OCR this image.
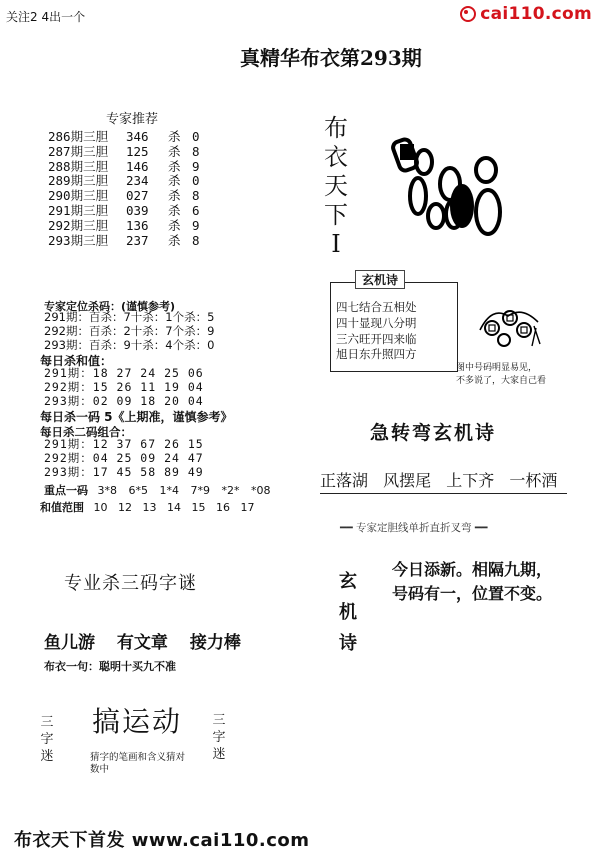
关注2 4出一个	cai110.com
真精华布衣第293期
专家推荐
286期三胆 346 杀 0
287期三胆 125 杀 8
288期三胆 146 杀 9
289期三胆 234 杀 0
290期三胆 027 杀 8
291期三胆 039 杀 6
292期三胆 136 杀 9
293期三胆 237 杀 8
专家定位杀码：(谨慎参考)
291期：百杀：7十杀：1个杀：5
292期：百杀：2十杀：7个杀：9
293期：百杀：9十杀：4个杀：0
每日杀和值：
291期：18 27 24 25 06
292期：15 26 11 19 04
293期：02 09 18 20 04
每日杀一码 5《上期准，谨慎参考》
每日杀二码组合：
291期：12 37 67 26 15
292期：04 25 09 24 47
293期：17 45 58 89 49
重点一码 3*8 6*5 1*4 7*9 *2* *08
和值范围 10 12 13 14 15 16 17
专业杀三码字谜
鱼儿游 有文章 接力棒
布衣一句：聪明十买九不准
三字迷
搞运动 三字迷
猜字的笔画和含义猜对数中
布
衣
天
下
I
玄机诗
四七结合五相处
四十显现八分明
三六旺开四来临
旭日东升照四方
图中号码明显易见，
不多说了，大家自己看
急转弯玄机诗
正落湖 风摆尾 上下齐 一杯酒
━━ 专家定胆线单折直折叉弯 ━━
玄
机
诗
今日添新。相隔九期，
号码有一，位置不变。
布衣天下首发 www.cai110.com
